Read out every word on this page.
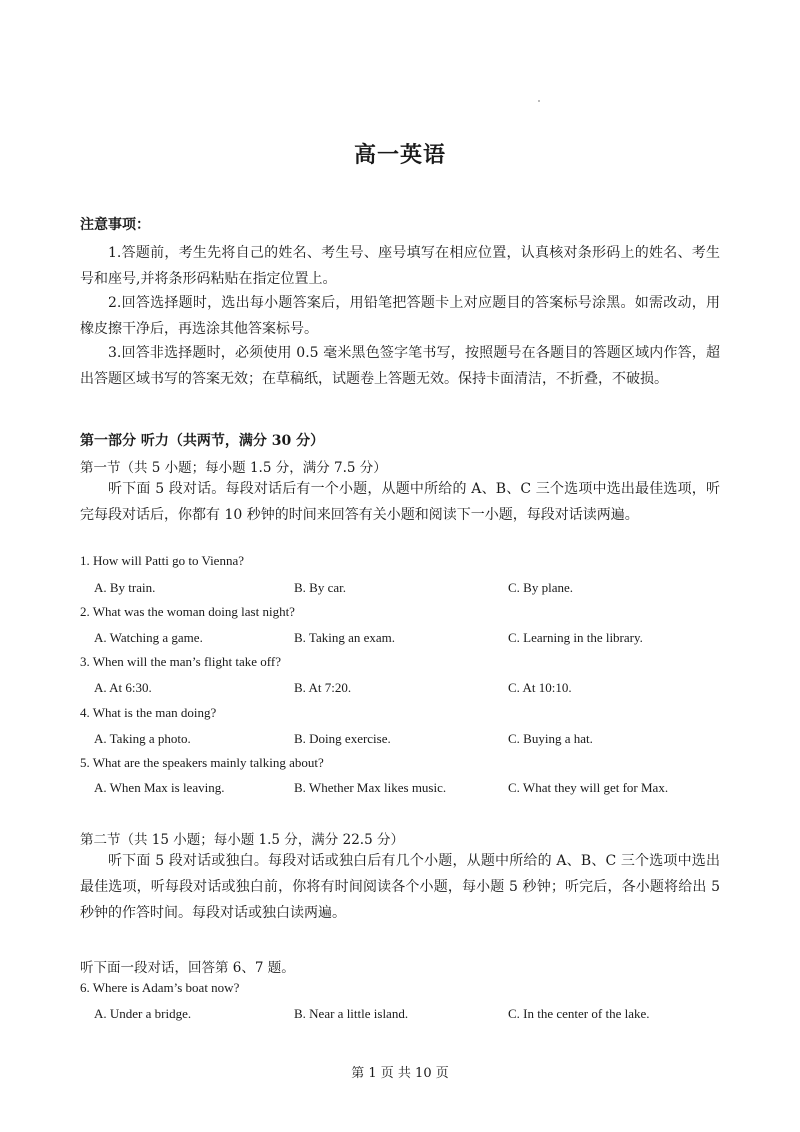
高一英语
注意事项：
1.答题前，考生先将自己的姓名、考生号、座号填写在相应位置，认真核对条形码上的姓名、考生号和座号,并将条形码粘贴在指定位置上。
2.回答选择题时，选出每小题答案后，用铅笔把答题卡上对应题目的答案标号涂黑。如需改动，用橡皮擦干净后，再选涂其他答案标号。
3.回答非选择题时，必须使用 0.5 毫米黑色签字笔书写，按照题号在各题目的答题区域内作答，超出答题区域书写的答案无效；在草稿纸，试题卷上答题无效。保持卡面清洁，不折叠，不破损。
第一部分 听力（共两节，满分 30 分）
第一节（共 5 小题；每小题 1.5 分，满分 7.5 分）
听下面 5 段对话。每段对话后有一个小题，从题中所给的 A、B、C 三个选项中选出最佳选项，听完每段对话后，你都有 10 秒钟的时间来回答有关小题和阅读下一小题，每段对话读两遍。
1. How will Patti go to Vienna?
A. By train.	B. By car.	C. By plane.
2. What was the woman doing last night?
A. Watching a game.	B. Taking an exam.	C. Learning in the library.
3. When will the man’s flight take off?
A. At 6:30.	B. At 7:20.	C. At 10:10.
4. What is the man doing?
A. Taking a photo.	B. Doing exercise.	C. Buying a hat.
5. What are the speakers mainly talking about?
A. When Max is leaving.	B. Whether Max likes music.	C. What they will get for Max.
第二节（共 15 小题；每小题 1.5 分，满分 22.5 分）
听下面 5 段对话或独白。每段对话或独白后有几个小题，从题中所给的 A、B、C 三个选项中选出最佳选项，听每段对话或独白前，你将有时间阅读各个小题，每小题 5 秒钟；听完后，各小题将给出 5 秒钟的作答时间。每段对话或独白读两遍。
听下面一段对话，回答第 6、7 题。
6. Where is Adam’s boat now?
A. Under a bridge.	B. Near a little island.	C. In the center of the lake.
第 1 页 共 10 页
